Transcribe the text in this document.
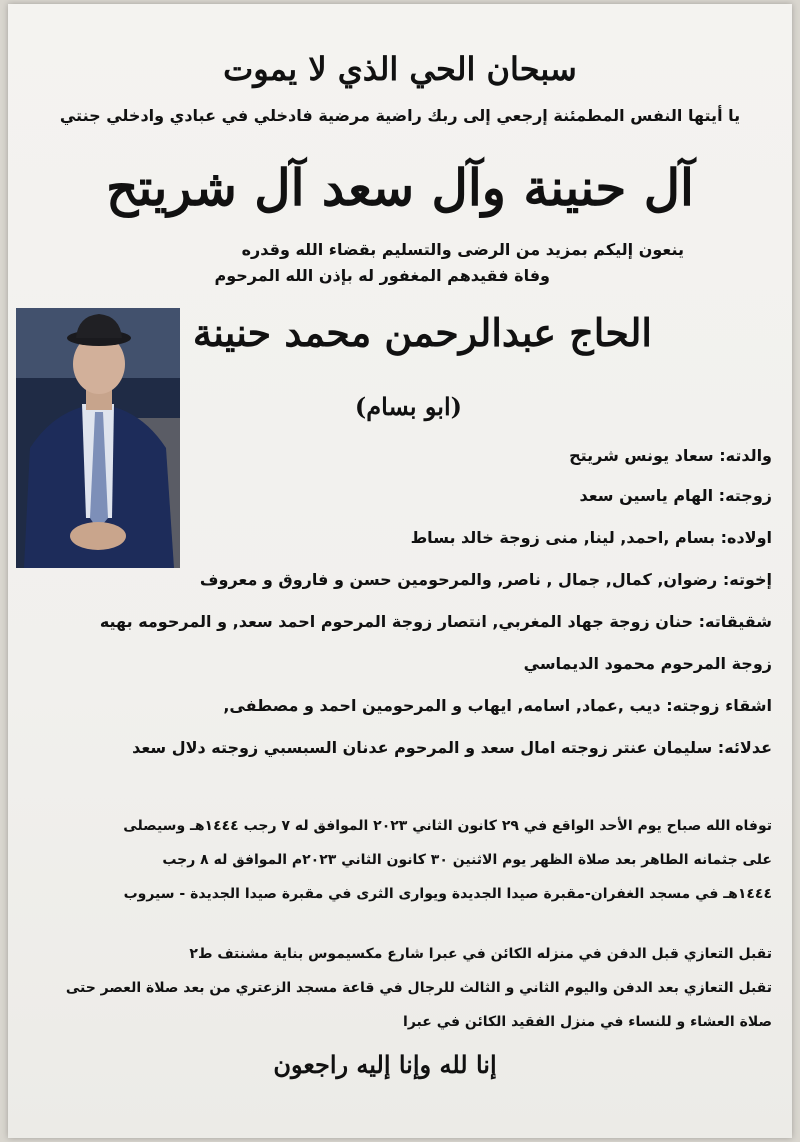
سبحان الحي الذي لا يموت
يا أيتها النفس المطمئنة إرجعي إلى ربك راضية مرضية فادخلي في عبادي وادخلي جنتي
آل حنينة وآل سعد آل شريتح
ينعون إليكم بمزيد من الرضى والتسليم بقضاء الله وقدره
وفاة فقيدهم المغفور له بإذن الله المرحوم
الحاج عبدالرحمن محمد حنينة
(ابو بسام)
والدته: سعاد يونس شريتح
زوجته: الهام ياسين سعد
اولاده: بسام ,احمد, لينا, منى زوجة خالد بساط
إخوته: رضوان, كمال, جمال , ناصر, والمرحومين حسن و فاروق و معروف
شقيقاته: حنان زوجة جهاد المغربي, انتصار زوجة المرحوم احمد سعد, و المرحومه بهيه
زوجة المرحوم محمود الديماسي
اشقاء زوجته: ديب ,عماد, اسامه, ايهاب و المرحومين احمد و مصطفى,
عدلائه: سليمان عنتر زوجته امال سعد و المرحوم عدنان السبسبي زوجته دلال سعد
توفاه الله صباح يوم الأحد الواقع في ٢٩ كانون الثاني ٢٠٢٣ الموافق له ٧ رجب ١٤٤٤هـ وسيصلى
على جثمانه الطاهر بعد صلاة الظهر يوم الاثنين ٣٠ كانون الثاني ٢٠٢٣م الموافق له ٨ رجب
١٤٤٤هـ في مسجد الغفران-مقبرة صيدا الجديدة ويوارى الثرى في مقبرة صيدا الجديدة - سيروب
تقبل التعازي قبل الدفن في منزله الكائن في عبرا شارع مكسيموس بناية مشنتف ط٢
تقبل التعازي بعد الدفن واليوم الثاني و الثالث للرجال في قاعة مسجد الزعتري من بعد صلاة العصر حتى
صلاة العشاء و للنساء في منزل الفقيد الكائن في عبرا
إنا لله وإنا إليه راجعون
